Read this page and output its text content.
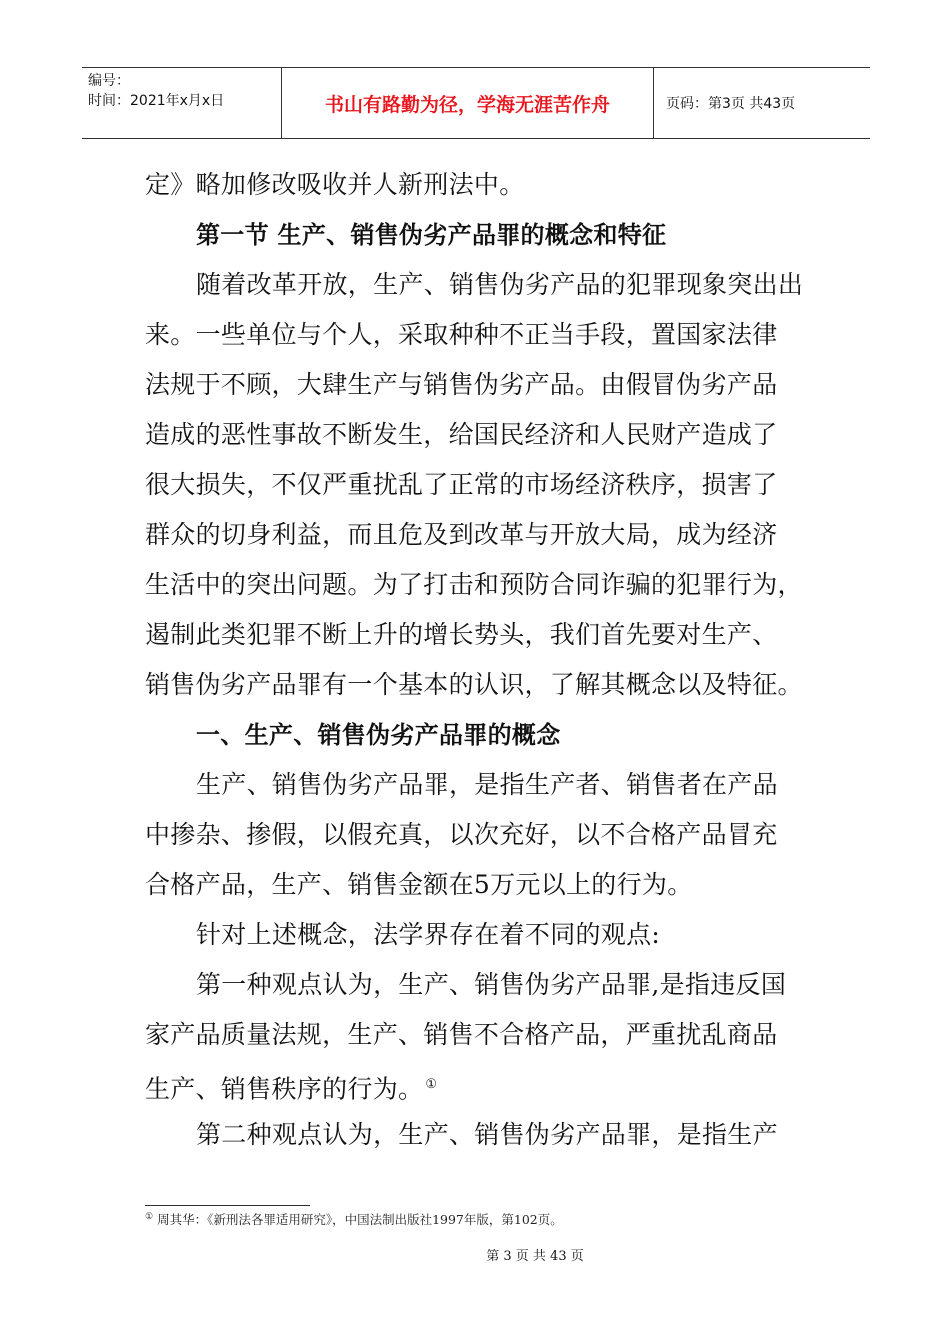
编号：
时间：2021年x月x日	书山有路勤为径，学海无涯苦作舟	页码：第3页 共43页
定》略加修改吸收并人新刑法中。
第一节 生产、销售伪劣产品罪的概念和特征
随着改革开放，生产、销售伪劣产品的犯罪现象突出出
来。一些单位与个人，采取种种不正当手段，置国家法律
法规于不顾，大肆生产与销售伪劣产品。由假冒伪劣产品
造成的恶性事故不断发生，给国民经济和人民财产造成了
很大损失，不仅严重扰乱了正常的市场经济秩序，损害了
群众的切身利益，而且危及到改革与开放大局，成为经济
生活中的突出问题。为了打击和预防合同诈骗的犯罪行为，
遏制此类犯罪不断上升的增长势头，我们首先要对生产、
销售伪劣产品罪有一个基本的认识，了解其概念以及特征。
一、生产、销售伪劣产品罪的概念
生产、销售伪劣产品罪，是指生产者、销售者在产品
中掺杂、掺假，以假充真，以次充好，以不合格产品冒充
合格产品，生产、销售金额在5万元以上的行为。
针对上述概念，法学界存在着不同的观点:
第一种观点认为，生产、销售伪劣产品罪,是指违反国
家产品质量法规，生产、销售不合格产品，严重扰乱商品
生产、销售秩序的行为。 ①
第二种观点认为，生产、销售伪劣产品罪，是指生产
① 周其华：《新刑法各罪适用研究》，中国法制出版社1997年版，第102页。
第 3 页 共 43 页
